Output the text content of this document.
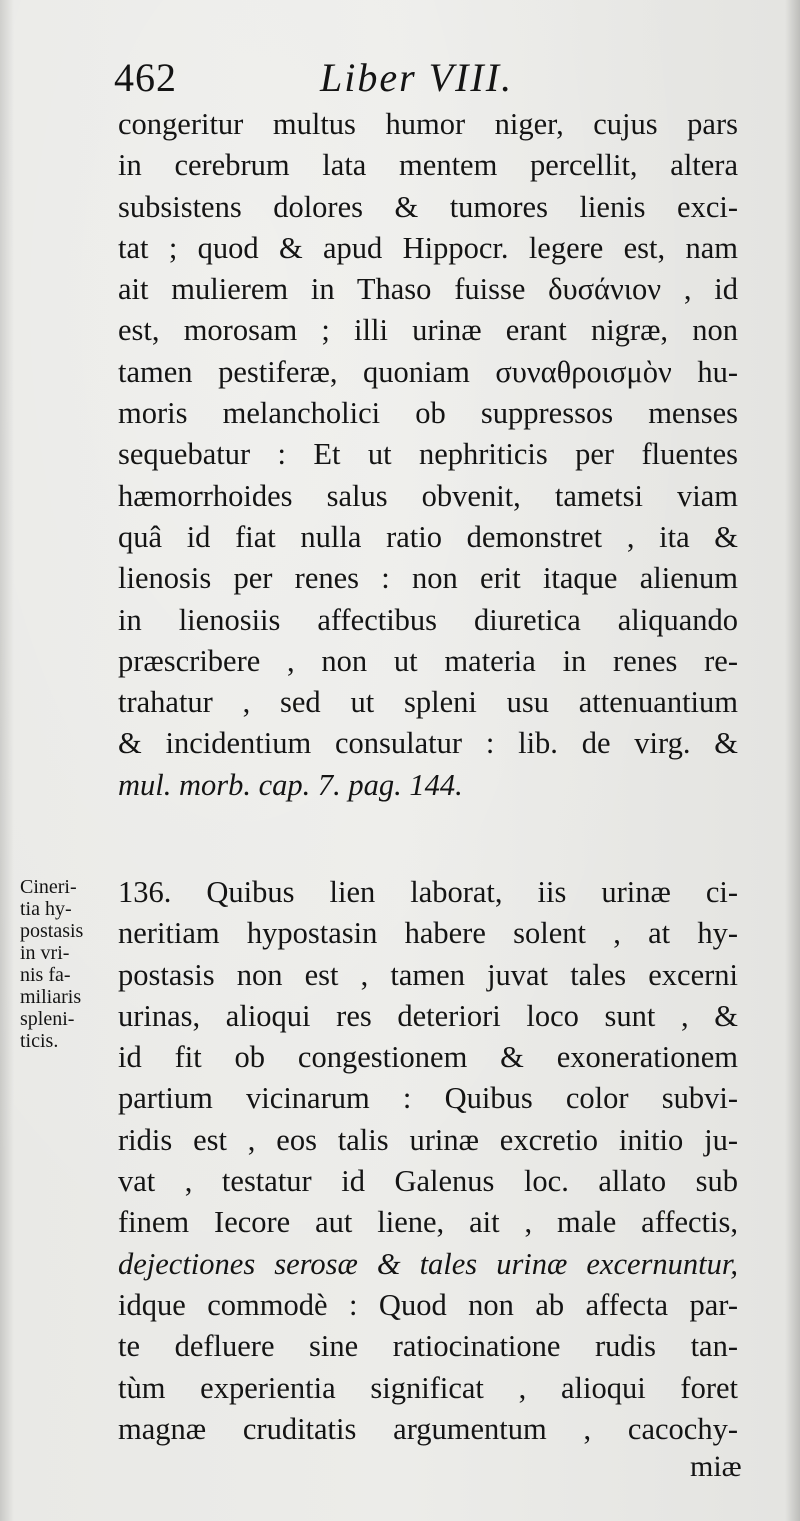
462	Liber VIII.
congeritur multus humor niger, cujus pars
in cerebrum lata mentem percellit, altera
subsistens dolores & tumores lienis exci-
tat ; quod & apud Hippocr. legere est, nam
ait mulierem in Thaso fuisse δυσάνιον , id
est, morosam ; illi urinæ erant nigræ, non
tamen pestiferæ, quoniam συναθροισμὸν hu-
moris melancholici ob suppressos menses
sequebatur : Et ut nephriticis per fluentes
hæmorrhoides salus obvenit, tametsi viam
quâ id fiat nulla ratio demonstret , ita &
lienosis per renes : non erit itaque alienum
in lienosiis affectibus diuretica aliquando
præscribere , non ut materia in renes re-
trahatur , sed ut spleni usu attenuantium
& incidentium consulatur : lib. de virg. &
mul. morb. cap. 7. pag. 144.
Cineri-
tia hy-
postasis
in vri-
nis fa-
miliaris
spleni-
ticis.
136. Quibus lien laborat, iis urinæ ci-
neritiam hypostasin habere solent , at hy-
postasis non est , tamen juvat tales excerni
urinas, alioqui res deteriori loco sunt , &
id fit ob congestionem & exonerationem
partium vicinarum : Quibus color subvi-
ridis est , eos talis urinæ excretio initio ju-
vat , testatur id Galenus loc. allato sub
finem Iecore aut liene, ait , male affectis,
dejectiones serosæ & tales urinæ excernuntur,
idque commodè : Quod non ab affecta par-
te defluere sine ratiocinatione rudis tan-
tùm experientia significat , alioqui foret
magnæ cruditatis argumentum , cacochy-
miæ
